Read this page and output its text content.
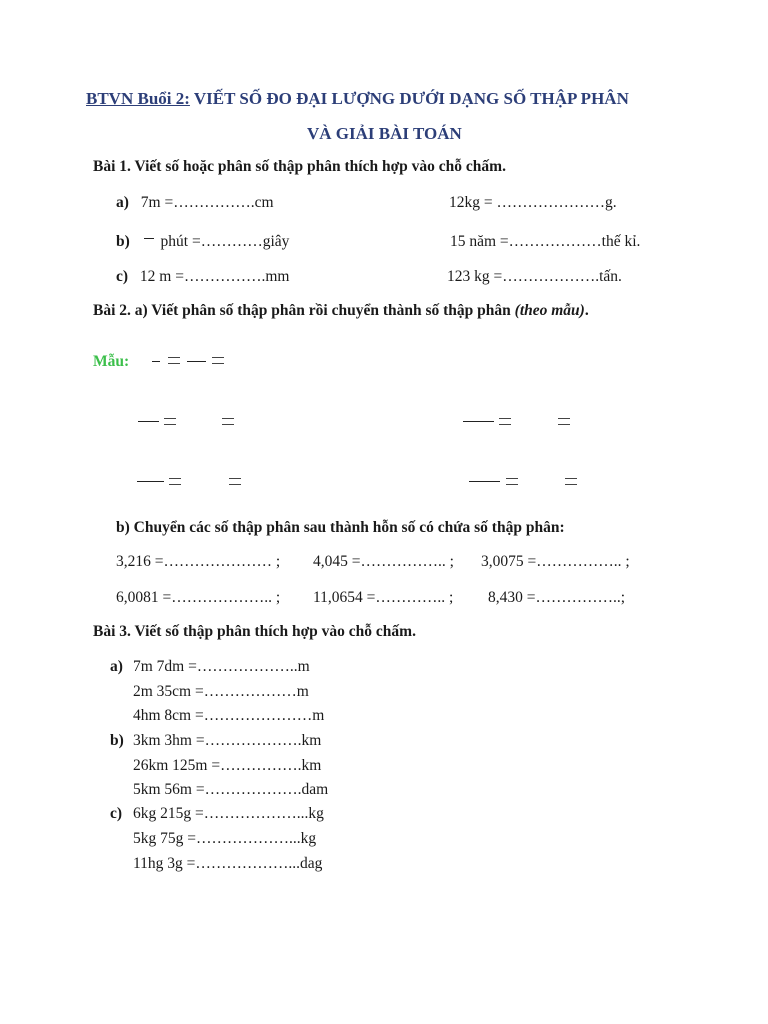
BTVN Buổi 2: VIẾT SỐ ĐO ĐẠI LƯỢNG DƯỚI DẠNG SỐ THẬP PHÂN
VÀ GIẢI BÀI TOÁN
Bài 1. Viết số hoặc phân số thập phân thích hợp vào chỗ chấm.
a) 7m =…………….cm	12kg = …………………g.
b) phút =…………giây	15 năm =………………thế kỉ.
c) 12 m =…………….mm	123 kg =……………….tấn.
Bài 2. a) Viết phân số thập phân rồi chuyển thành số thập phân (theo mẫu).
Mẫu:
b) Chuyển các số thập phân sau thành hỗn số có chứa số thập phân:
3,216 =………………… ; 4,045 =…………….. ; 3,0075 =…………….. ;
6,0081 =……………….. ; 11,0654 =………….. ; 8,430 =……………..;
Bài 3. Viết số thập phân thích hợp vào chỗ chấm.
a) 7m 7dm =………………..m
2m 35cm =………………m
4hm 8cm =…………………m
b) 3km 3hm =……………….km
26km 125m =…………….km
5km 56m =……………….dam
c) 6kg 215g =………………...kg
5kg 75g =………………...kg
11hg 3g =………………...dag
